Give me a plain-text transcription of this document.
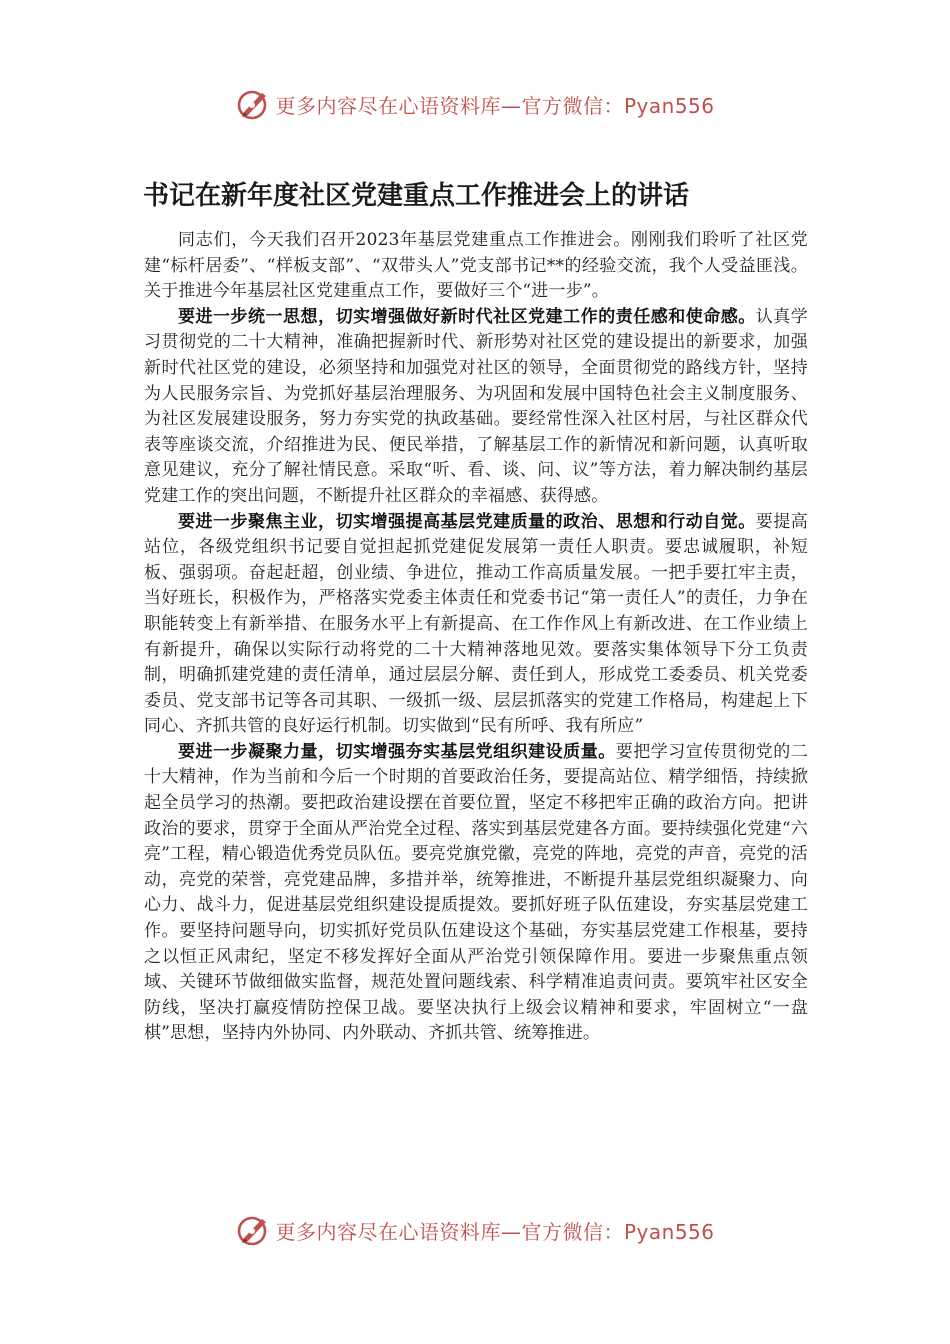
更多内容尽在心语资料库—官方微信：Pyan556
书记在新年度社区党建重点工作推进会上的讲话

同志们，今天我们召开2023年基层党建重点工作推进会。刚刚我们聆听了社区党建“标杆居委”、“样板支部”、“双带头人”党支部书记**的经验交流，我个人受益匪浅。关于推进今年基层社区党建重点工作，要做好三个“进一步”。

要进一步统一思想，切实增强做好新时代社区党建工作的责任感和使命感。认真学习贯彻党的二十大精神，准确把握新时代、新形势对社区党的建设提出的新要求，加强新时代社区党的建设，必须坚持和加强党对社区的领导，全面贯彻党的路线方针，坚持为人民服务宗旨、为党抓好基层治理服务、为巩固和发展中国特色社会主义制度服务、为社区发展建设服务，努力夯实党的执政基础。要经常性深入社区村居，与社区群众代表等座谈交流，介绍推进为民、便民举措，了解基层工作的新情况和新问题，认真听取意见建议，充分了解社情民意。采取“听、看、谈、问、议”等方法，着力解决制约基层党建工作的突出问题，不断提升社区群众的幸福感、获得感。

要进一步聚焦主业，切实增强提高基层党建质量的政治、思想和行动自觉。要提高站位，各级党组织书记要自觉担起抓党建促发展第一责任人职责。要忠诚履职，补短板、强弱项。奋起赶超，创业绩、争进位，推动工作高质量发展。一把手要扛牢主责，当好班长，积极作为，严格落实党委主体责任和党委书记“第一责任人”的责任，力争在职能转变上有新举措、在服务水平上有新提高、在工作作风上有新改进、在工作业绩上有新提升，确保以实际行动将党的二十大精神落地见效。要落实集体领导下分工负责制，明确抓建党建的责任清单，通过层层分解、责任到人，形成党工委委员、机关党委委员、党支部书记等各司其职、一级抓一级、层层抓落实的党建工作格局，构建起上下同心、齐抓共管的良好运行机制。切实做到“民有所呼、我有所应”

要进一步凝聚力量，切实增强夯实基层党组织建设质量。要把学习宣传贯彻党的二十大精神，作为当前和今后一个时期的首要政治任务，要提高站位、精学细悟，持续掀起全员学习的热潮。要把政治建设摆在首要位置，坚定不移把牢正确的政治方向。把讲政治的要求，贯穿于全面从严治党全过程、落实到基层党建各方面。要持续强化党建“六亮”工程，精心锻造优秀党员队伍。要亮党旗党徽，亮党的阵地，亮党的声音，亮党的活动，亮党的荣誉，亮党建品牌，多措并举，统筹推进，不断提升基层党组织凝聚力、向心力、战斗力，促进基层党组织建设提质提效。要抓好班子队伍建设，夯实基层党建工作。要坚持问题导向，切实抓好党员队伍建设这个基础，夯实基层党建工作根基，要持之以恒正风肃纪，坚定不移发挥好全面从严治党引领保障作用。要进一步聚焦重点领域、关键环节做细做实监督，规范处置问题线索、科学精准追责问责。要筑牢社区安全防线，坚决打赢疫情防控保卫战。要坚决执行上级会议精神和要求，牢固树立“一盘棋”思想，坚持内外协同、内外联动、齐抓共管、统筹推进。

更多内容尽在心语资料库—官方微信：Pyan556
